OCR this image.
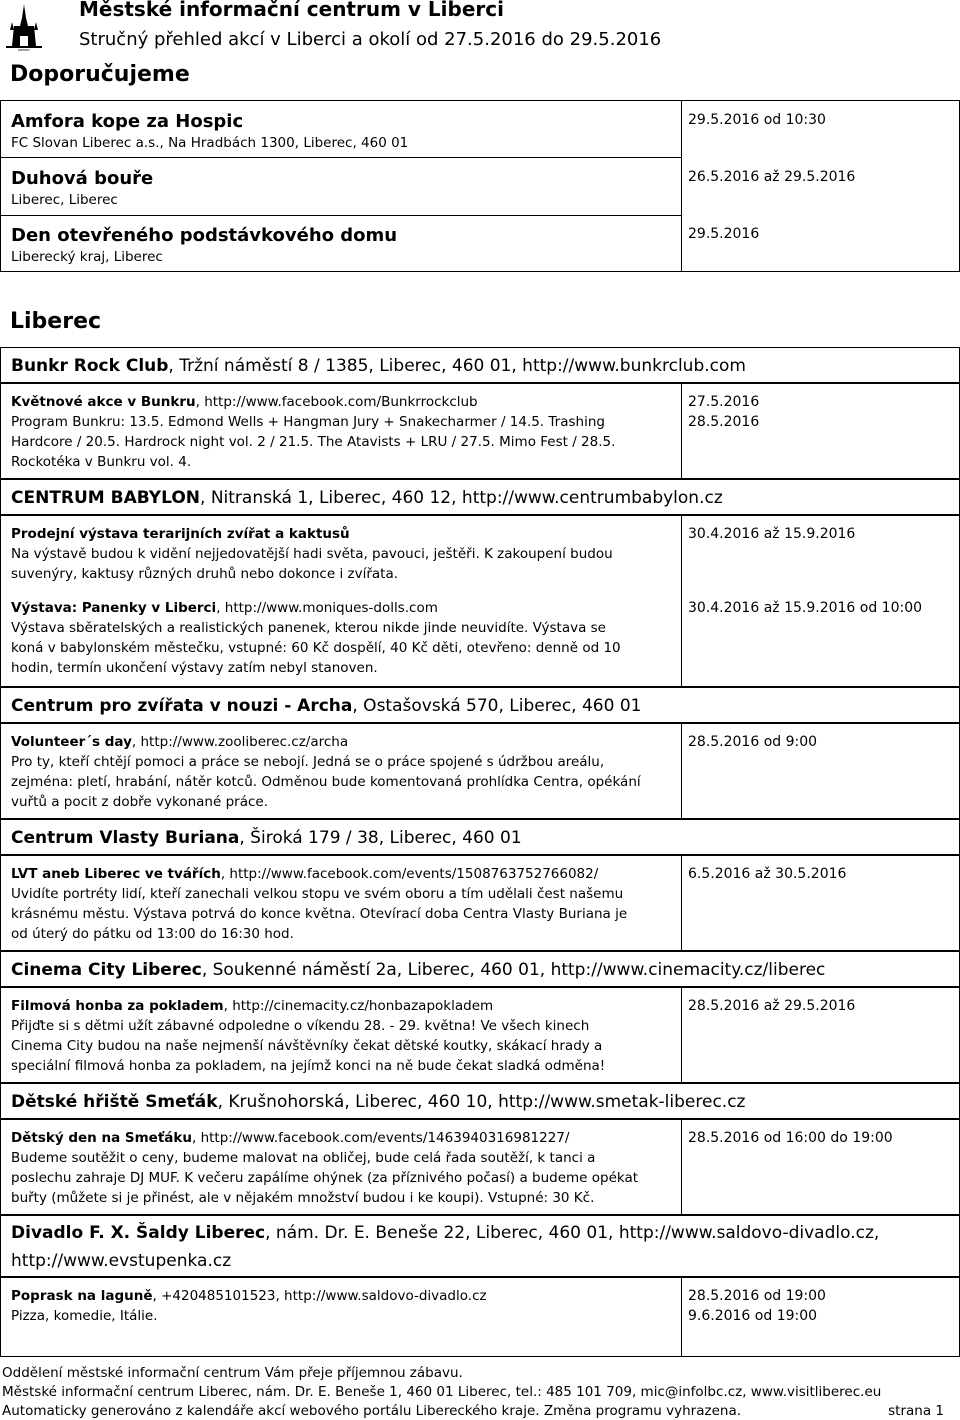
LIBEREC
Městské informační centrum v Liberci
Stručný přehled akcí v Liberci a okolí od 27.5.2016 do 29.5.2016
Doporučujeme
Amfora kope za Hospic
FC Slovan Liberec a.s., Na Hradbách 1300, Liberec, 460 01
29.5.2016 od 10:30
Duhová bouře
Liberec, Liberec
26.5.2016 až 29.5.2016
Den otevřeného podstávkového domu
Liberecký kraj, Liberec
29.5.2016
Liberec
Bunkr Rock Club, Tržní náměstí 8 / 1385, Liberec, 460 01, http://www.bunkrclub.com
Květnové akce v Bunkru, http://www.facebook.com/Bunkrrockclub
Program Bunkru: 13.5. Edmond Wells + Hangman Jury + Snakecharmer / 14.5. Trashing
Hardcore / 20.5. Hardrock night vol. 2 / 21.5. The Atavists + LRU / 27.5. Mimo Fest / 28.5.
Rockotéka v Bunkru vol. 4.
27.5.2016
28.5.2016
CENTRUM BABYLON, Nitranská 1, Liberec, 460 12, http://www.centrumbabylon.cz
Prodejní výstava terarijních zvířat a kaktusů
Na výstavě budou k vidění nejjedovatější hadi světa, pavouci, ještěři. K zakoupení budou
suvenýry, kaktusy různých druhů nebo dokonce i zvířata.
30.4.2016 až 15.9.2016
Výstava: Panenky v Liberci, http://www.moniques-dolls.com
Výstava sběratelských a realistických panenek, kterou nikde jinde neuvidíte. Výstava se
koná v babylonském městečku, vstupné: 60 Kč dospělí, 40 Kč děti, otevřeno: denně od 10
hodin, termín ukončení výstavy zatím nebyl stanoven.
30.4.2016 až 15.9.2016 od 10:00
Centrum pro zvířata v nouzi - Archa, Ostašovská 570, Liberec, 460 01
Volunteer´s day, http://www.zooliberec.cz/archa
Pro ty, kteří chtějí pomoci a práce se nebojí. Jedná se o práce spojené s údržbou areálu,
zejména: pletí, hrabání, nátěr kotců. Odměnou bude komentovaná prohlídka Centra, opékání
vuřtů a pocit z dobře vykonané práce.
28.5.2016 od 9:00
Centrum Vlasty Buriana, Široká 179 / 38, Liberec, 460 01
LVT aneb Liberec ve tvářích, http://www.facebook.com/events/1508763752766082/
Uvidíte portréty lidí, kteří zanechali velkou stopu ve svém oboru a tím udělali čest našemu
krásnému městu. Výstava potrvá do konce května. Otevírací doba Centra Vlasty Buriana je
od úterý do pátku od 13:00 do 16:30 hod.
6.5.2016 až 30.5.2016
Cinema City Liberec, Soukenné náměstí 2a, Liberec, 460 01, http://www.cinemacity.cz/liberec
Filmová honba za pokladem, http://cinemacity.cz/honbazapokladem
Přijďte si s dětmi užít zábavné odpoledne o víkendu 28. - 29. května! Ve všech kinech
Cinema City budou na naše nejmenší návštěvníky čekat dětské koutky, skákací hrady a
speciální filmová honba za pokladem, na jejímž konci na ně bude čekat sladká odměna!
28.5.2016 až 29.5.2016
Dětské hřiště Smeťák, Krušnohorská, Liberec, 460 10, http://www.smetak-liberec.cz
Dětský den na Smeťáku, http://www.facebook.com/events/1463940316981227/
Budeme soutěžit o ceny, budeme malovat na obličej, bude celá řada soutěží, k tanci a
poslechu zahraje DJ MUF. K večeru zapálíme ohýnek (za příznivého počasí) a budeme opékat
buřty (můžete si je přinést, ale v nějakém množství budou i ke koupi). Vstupné: 30 Kč.
28.5.2016 od 16:00 do 19:00
Divadlo F. X. Šaldy Liberec, nám. Dr. E. Beneše 22, Liberec, 460 01, http://www.saldovo-divadlo.cz, http://www.evstupenka.cz
Poprask na laguně, +420485101523, http://www.saldovo-divadlo.cz
Pizza, komedie, Itálie.
28.5.2016 od 19:00
9.6.2016 od 19:00
Oddělení městské informační centrum Vám přeje příjemnou zábavu.
Městské informační centrum Liberec, nám. Dr. E. Beneše 1, 460 01 Liberec, tel.: 485 101 709, mic@infolbc.cz, www.visitliberec.eu
Automaticky generováno z kalendáře akcí webového portálu Libereckého kraje. Změna programu vyhrazena.	strana 1
